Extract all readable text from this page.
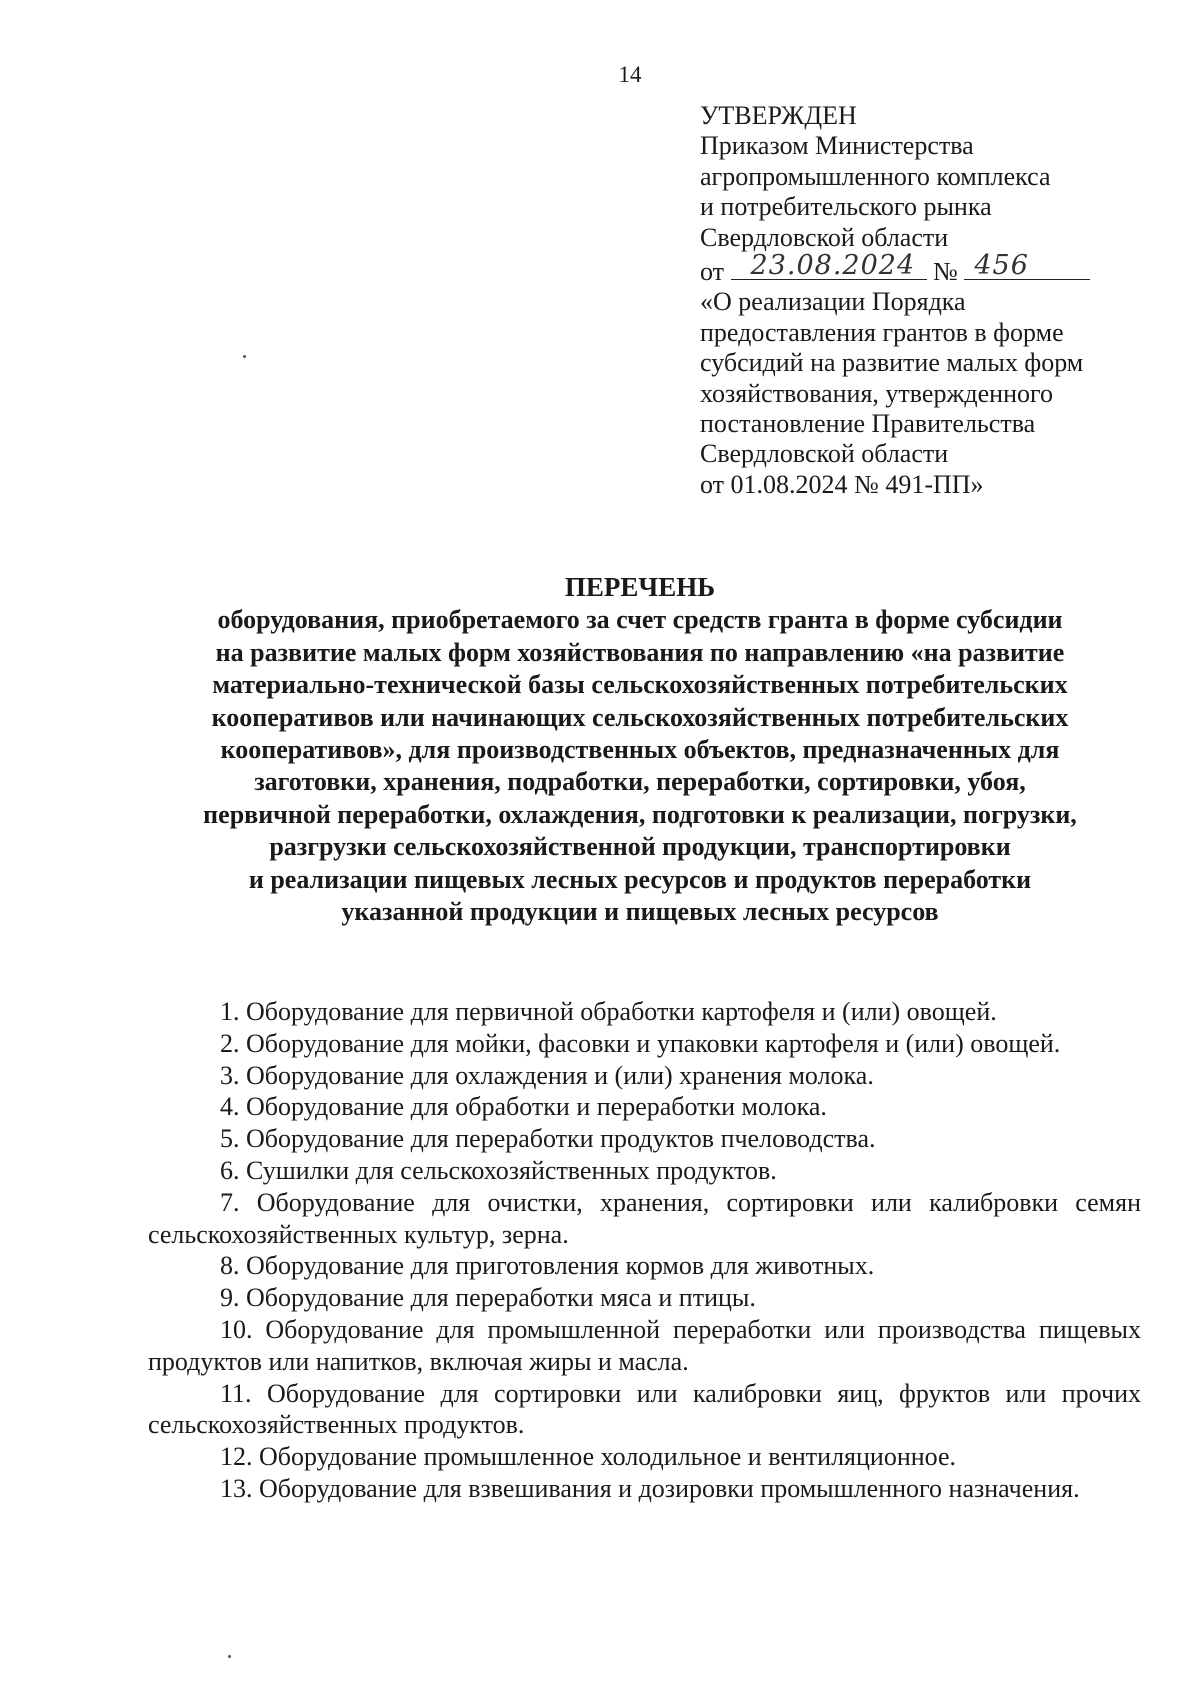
14
УТВЕРЖДЕН
Приказом Министерства
агропромышленного комплекса
и потребительского рынка
Свердловской области
от 23.08.2024 № 456
«О реализации Порядка
предоставления грантов в форме
субсидий на развитие малых форм
хозяйствования, утвержденного
постановление Правительства
Свердловской области
от 01.08.2024 № 491-ПП»
ПЕРЕЧЕНЬ
оборудования, приобретаемого за счет средств гранта в форме субсидии
на развитие малых форм хозяйствования по направлению «на развитие
материально-технической базы сельскохозяйственных потребительских
кооперативов или начинающих сельскохозяйственных потребительских
кооперативов», для производственных объектов, предназначенных для
заготовки, хранения, подработки, переработки, сортировки, убоя,
первичной переработки, охлаждения, подготовки к реализации, погрузки,
разгрузки сельскохозяйственной продукции, транспортировки
и реализации пищевых лесных ресурсов и продуктов переработки
указанной продукции и пищевых лесных ресурсов

1. Оборудование для первичной обработки картофеля и (или) овощей.

2. Оборудование для мойки, фасовки и упаковки картофеля и (или) овощей.

3. Оборудование для охлаждения и (или) хранения молока.

4. Оборудование для обработки и переработки молока.

5. Оборудование для переработки продуктов пчеловодства.

6. Сушилки для сельскохозяйственных продуктов.

7. Оборудование для очистки, хранения, сортировки или калибровки семян сельскохозяйственных культур, зерна.

8. Оборудование для приготовления кормов для животных.

9. Оборудование для переработки мяса и птицы.

10. Оборудование для промышленной переработки или производства пищевых продуктов или напитков, включая жиры и масла.

11. Оборудование для сортировки или калибровки яиц, фруктов или прочих сельскохозяйственных продуктов.

12. Оборудование промышленное холодильное и вентиляционное.

13. Оборудование для взвешивания и дозировки промышленного назначения.
